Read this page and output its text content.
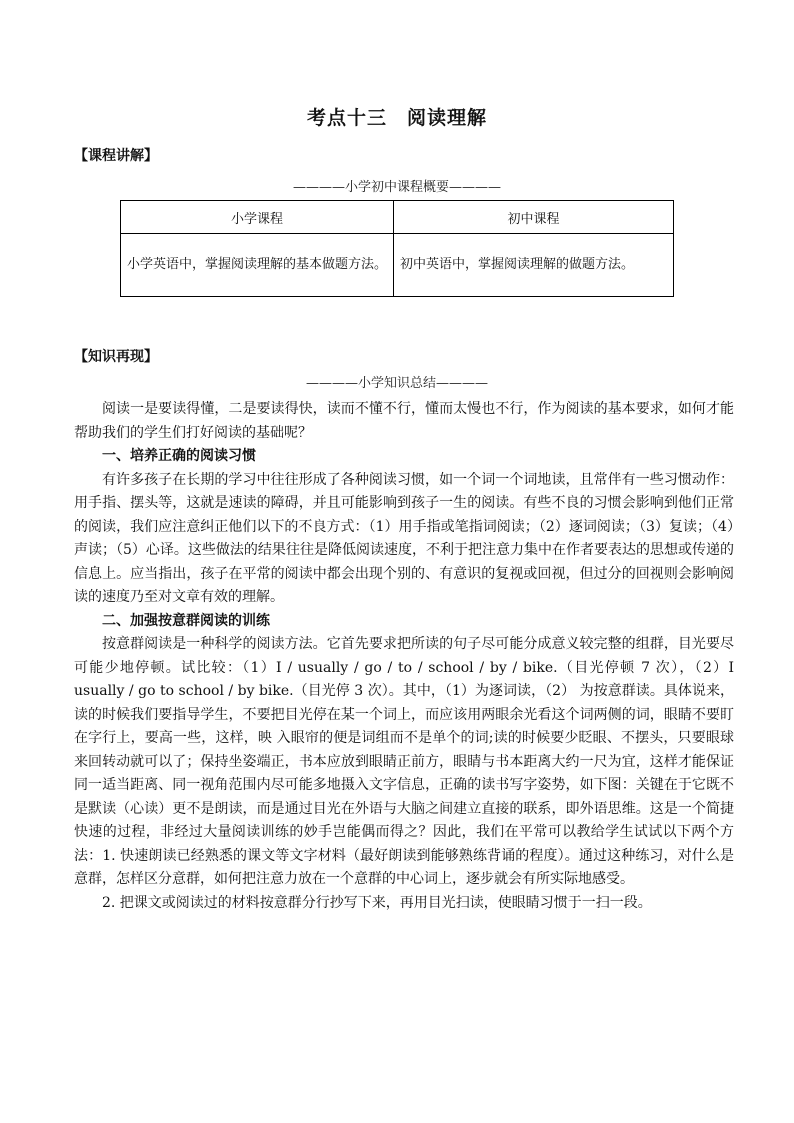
考点十三　阅读理解
【课程讲解】
————小学初中课程概要————
小学课程	初中课程
小学英语中，掌握阅读理解的基本做题方法。	初中英语中，掌握阅读理解的做题方法。
【知识再现】
————小学知识总结————

阅读一是要读得懂，二是要读得快，读而不懂不行，懂而太慢也不行，作为阅读的基本要求，如何才能帮助我们的学生们打好阅读的基础呢？

一、培养正确的阅读习惯

有许多孩子在长期的学习中往往形成了各种阅读习惯，如一个词一个词地读，且常伴有一些习惯动作：用手指、摆头等，这就是速读的障碍，并且可能影响到孩子一生的阅读。有些不良的习惯会影响到他们正常的阅读，我们应注意纠正他们以下的不良方式：（1）用手指或笔指词阅读；（2）逐词阅读；（3）复读；（4）声读；（5）心译。这些做法的结果往往是降低阅读速度，不利于把注意力集中在作者要表达的思想或传递的信息上。应当指出，孩子在平常的阅读中都会出现个别的、有意识的复视或回视，但过分的回视则会影响阅读的速度乃至对文章有效的理解。

二、加强按意群阅读的训练

按意群阅读是一种科学的阅读方法。它首先要求把所读的句子尽可能分成意义较完整的组群，目光要尽可能少地停顿。试比较：（1）I / usually / go / to / school / by / bike.（目光停顿 7 次），（2）I usually / go to school / by bike.（目光停 3 次）。其中，（1）为逐词读，（2） 为按意群读。具体说来，读的时候我们要指导学生，不要把目光停在某一个词上，而应该用两眼余光看这个词两侧的词，眼睛不要盯在字行上，要高一些，这样，映 入眼帘的便是词组而不是单个的词;读的时候要少眨眼、不摆头，只要眼球来回转动就可以了；保持坐姿端正，书本应放到眼睛正前方，眼睛与书本距离大约一尺为宜，这样才能保证同一适当距离、同一视角范围内尽可能多地摄入文字信息，正确的读书写字姿势，如下图：关键在于它既不是默读（心读）更不是朗读，而是通过目光在外语与大脑之间建立直接的联系，即外语思维。这是一个简捷快速的过程，非经过大量阅读训练的妙手岂能偶而得之？因此，我们在平常可以教给学生试试以下两个方法：1. 快速朗读已经熟悉的课文等文字材料（最好朗读到能够熟练背诵的程度）。通过这种练习，对什么是意群，怎样区分意群，如何把注意力放在一个意群的中心词上，逐步就会有所实际地感受。

2. 把课文或阅读过的材料按意群分行抄写下来，再用目光扫读，使眼睛习惯于一扫一段。
